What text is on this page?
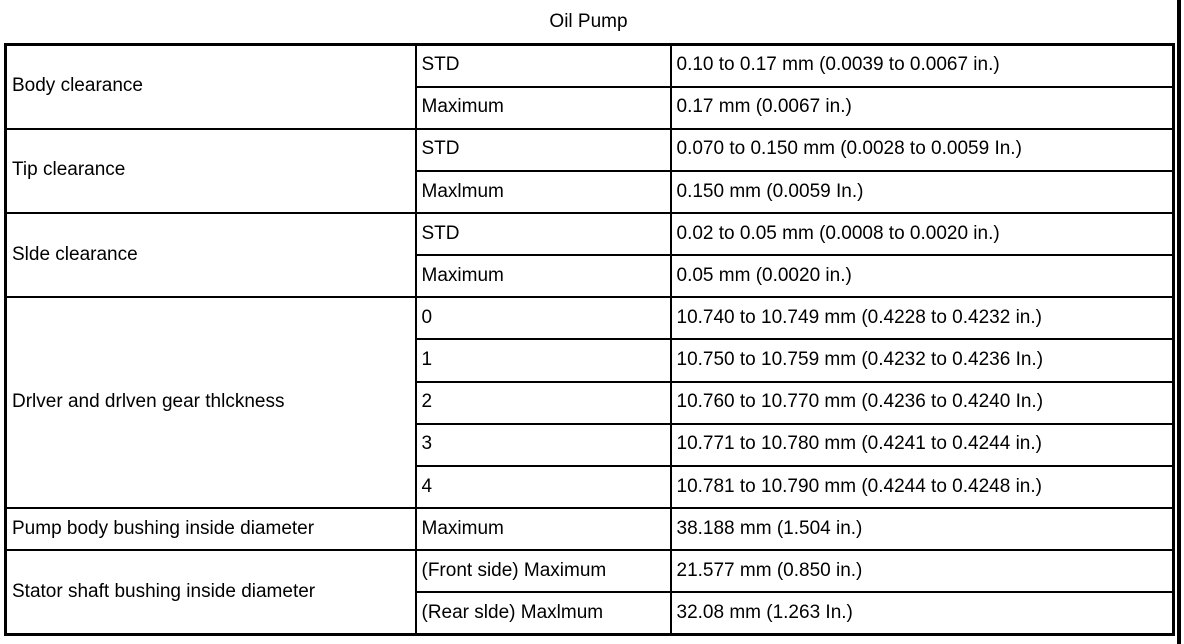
Oil Pump
Body clearance	STD	0.10 to 0.17 mm (0.0039 to 0.0067 in.)
	Maximum	0.17 mm (0.0067 in.)
Tip clearance	STD	0.070 to 0.150 mm (0.0028 to 0.0059 In.)
	Maxlmum	0.150 mm (0.0059 In.)
Slde clearance	STD	0.02 to 0.05 mm (0.0008 to 0.0020 in.)
	Maximum	0.05 mm (0.0020 in.)
Drlver and drlven gear thlckness	0	10.740 to 10.749 mm (0.4228 to 0.4232 in.)
	1	10.750 to 10.759 mm (0.4232 to 0.4236 In.)
	2	10.760 to 10.770 mm (0.4236 to 0.4240 In.)
	3	10.771 to 10.780 mm (0.4241 to 0.4244 in.)
	4	10.781 to 10.790 mm (0.4244 to 0.4248 in.)
Pump body bushing inside diameter	Maximum	38.188 mm (1.504 in.)
Stator shaft bushing inside diameter	(Front side) Maximum	21.577 mm (0.850 in.)
	(Rear slde) Maxlmum	32.08 mm (1.263 In.)
